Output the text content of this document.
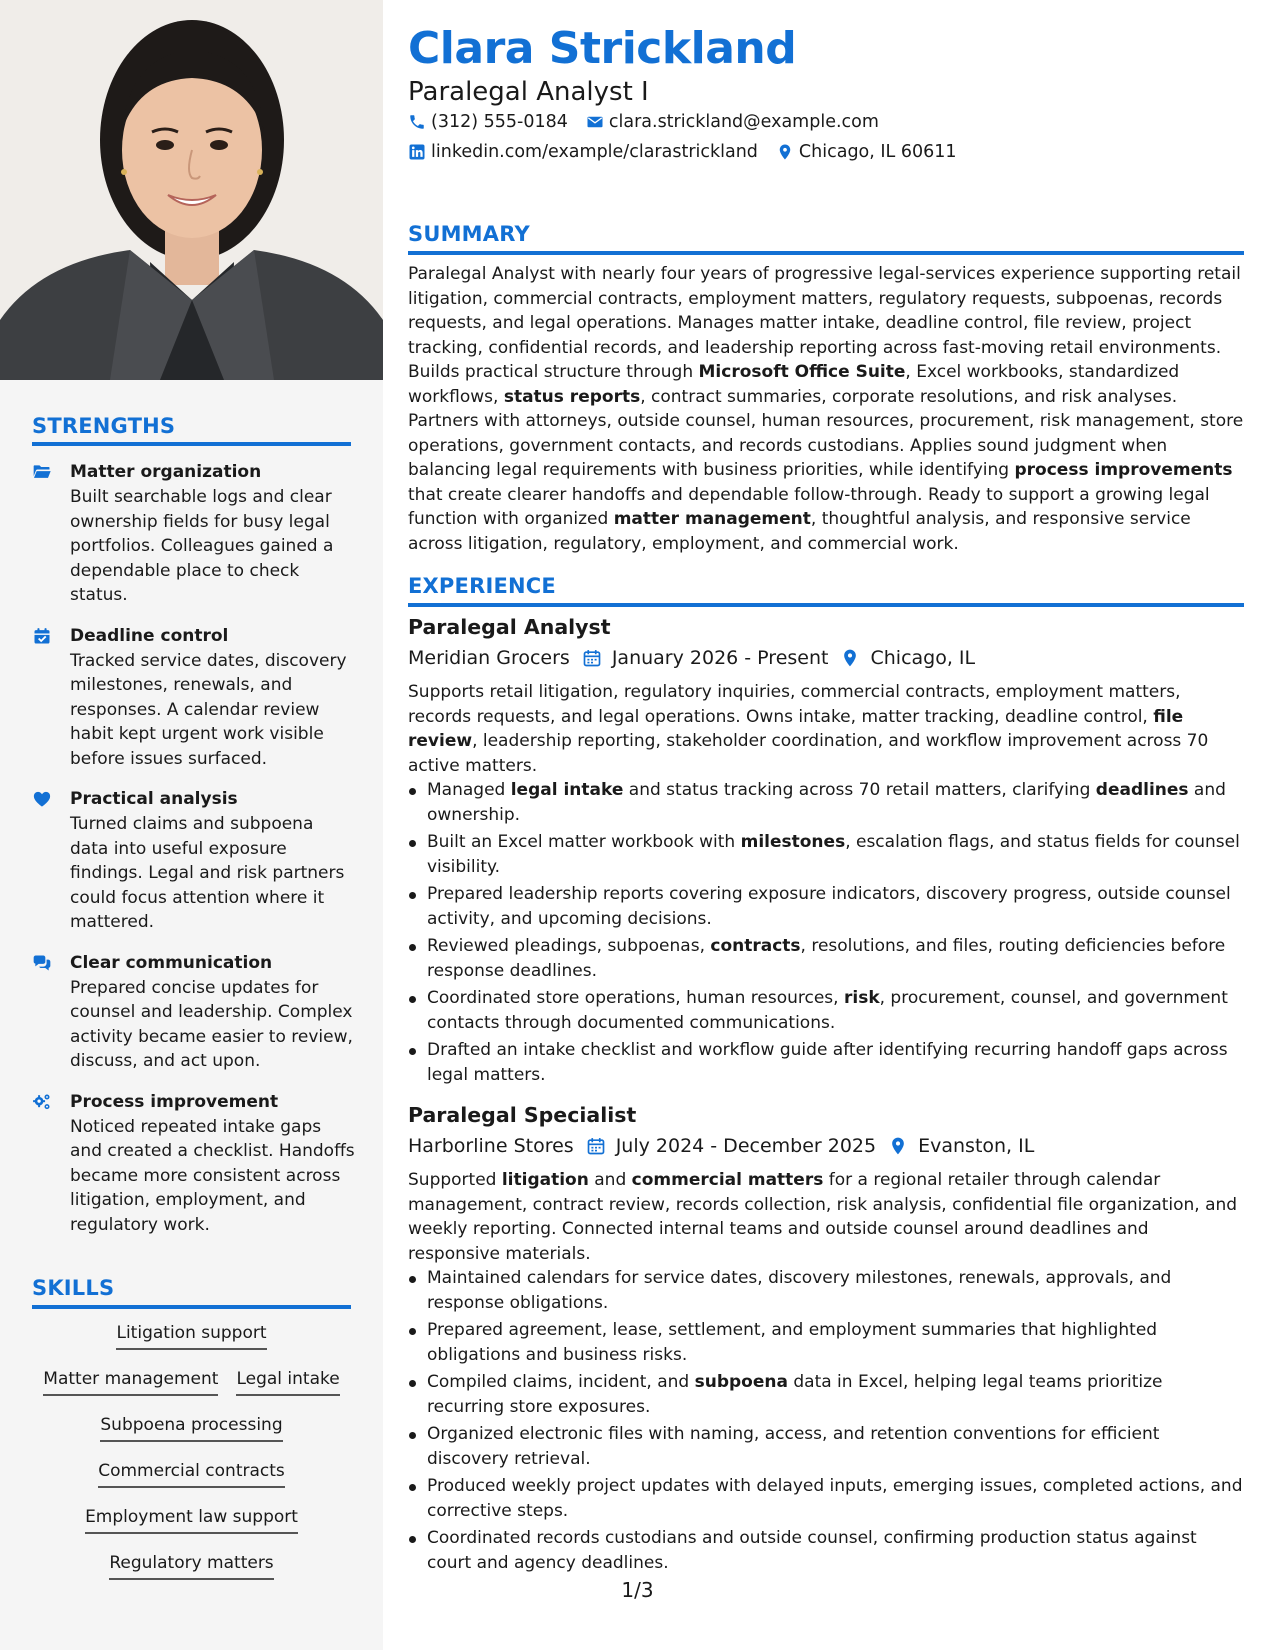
STRENGTHS
Matter organization
Built searchable logs and clear ownership fields for busy legal portfolios. Colleagues gained a dependable place to check status.
Deadline control
Tracked service dates, discovery milestones, renewals, and responses. A calendar review habit kept urgent work visible before issues surfaced.
Practical analysis
Turned claims and subpoena data into useful exposure findings. Legal and risk partners could focus attention where it mattered.
Clear communication
Prepared concise updates for counsel and leadership. Complex activity became easier to review, discuss, and act upon.
Process improvement
Noticed repeated intake gaps and created a checklist. Handoffs became more consistent across litigation, employment, and regulatory work.
SKILLS
Litigation support
Matter management Legal intake
Subpoena processing
Commercial contracts
Employment law support
Regulatory matters
Clara Strickland
Paralegal Analyst I
(312) 555-0184 clara.strickland@example.com
linkedin.com/example/clarastrickland Chicago, IL 60611
SUMMARY
Paralegal Analyst with nearly four years of progressive legal-services experience supporting retail litigation, commercial contracts, employment matters, regulatory requests, subpoenas, records requests, and legal operations. Manages matter intake, deadline control, file review, project tracking, confidential records, and leadership reporting across fast-moving retail environments. Builds practical structure through Microsoft Office Suite, Excel workbooks, standardized workflows, status reports, contract summaries, corporate resolutions, and risk analyses. Partners with attorneys, outside counsel, human resources, procurement, risk management, store operations, government contacts, and records custodians. Applies sound judgment when balancing legal requirements with business priorities, while identifying process improvements that create clearer handoffs and dependable follow-through. Ready to support a growing legal function with organized matter management, thoughtful analysis, and responsive service across litigation, regulatory, employment, and commercial work.
EXPERIENCE
Paralegal Analyst
Meridian Grocers January 2026 - Present Chicago, IL
Supports retail litigation, regulatory inquiries, commercial contracts, employment matters, records requests, and legal operations. Owns intake, matter tracking, deadline control, file review, leadership reporting, stakeholder coordination, and workflow improvement across 70 active matters.
Managed legal intake and status tracking across 70 retail matters, clarifying deadlines and ownership.
Built an Excel matter workbook with milestones, escalation flags, and status fields for counsel visibility.
Prepared leadership reports covering exposure indicators, discovery progress, outside counsel activity, and upcoming decisions.
Reviewed pleadings, subpoenas, contracts, resolutions, and files, routing deficiencies before response deadlines.
Coordinated store operations, human resources, risk, procurement, counsel, and government contacts through documented communications.
Drafted an intake checklist and workflow guide after identifying recurring handoff gaps across legal matters.
Paralegal Specialist
Harborline Stores July 2024 - December 2025 Evanston, IL
Supported litigation and commercial matters for a regional retailer through calendar management, contract review, records collection, risk analysis, confidential file organization, and weekly reporting. Connected internal teams and outside counsel around deadlines and responsive materials.
Maintained calendars for service dates, discovery milestones, renewals, approvals, and response obligations.
Prepared agreement, lease, settlement, and employment summaries that highlighted obligations and business risks.
Compiled claims, incident, and subpoena data in Excel, helping legal teams prioritize recurring store exposures.
Organized electronic files with naming, access, and retention conventions for efficient discovery retrieval.
Produced weekly project updates with delayed inputs, emerging issues, completed actions, and corrective steps.
Coordinated records custodians and outside counsel, confirming production status against court and agency deadlines.
1/3
